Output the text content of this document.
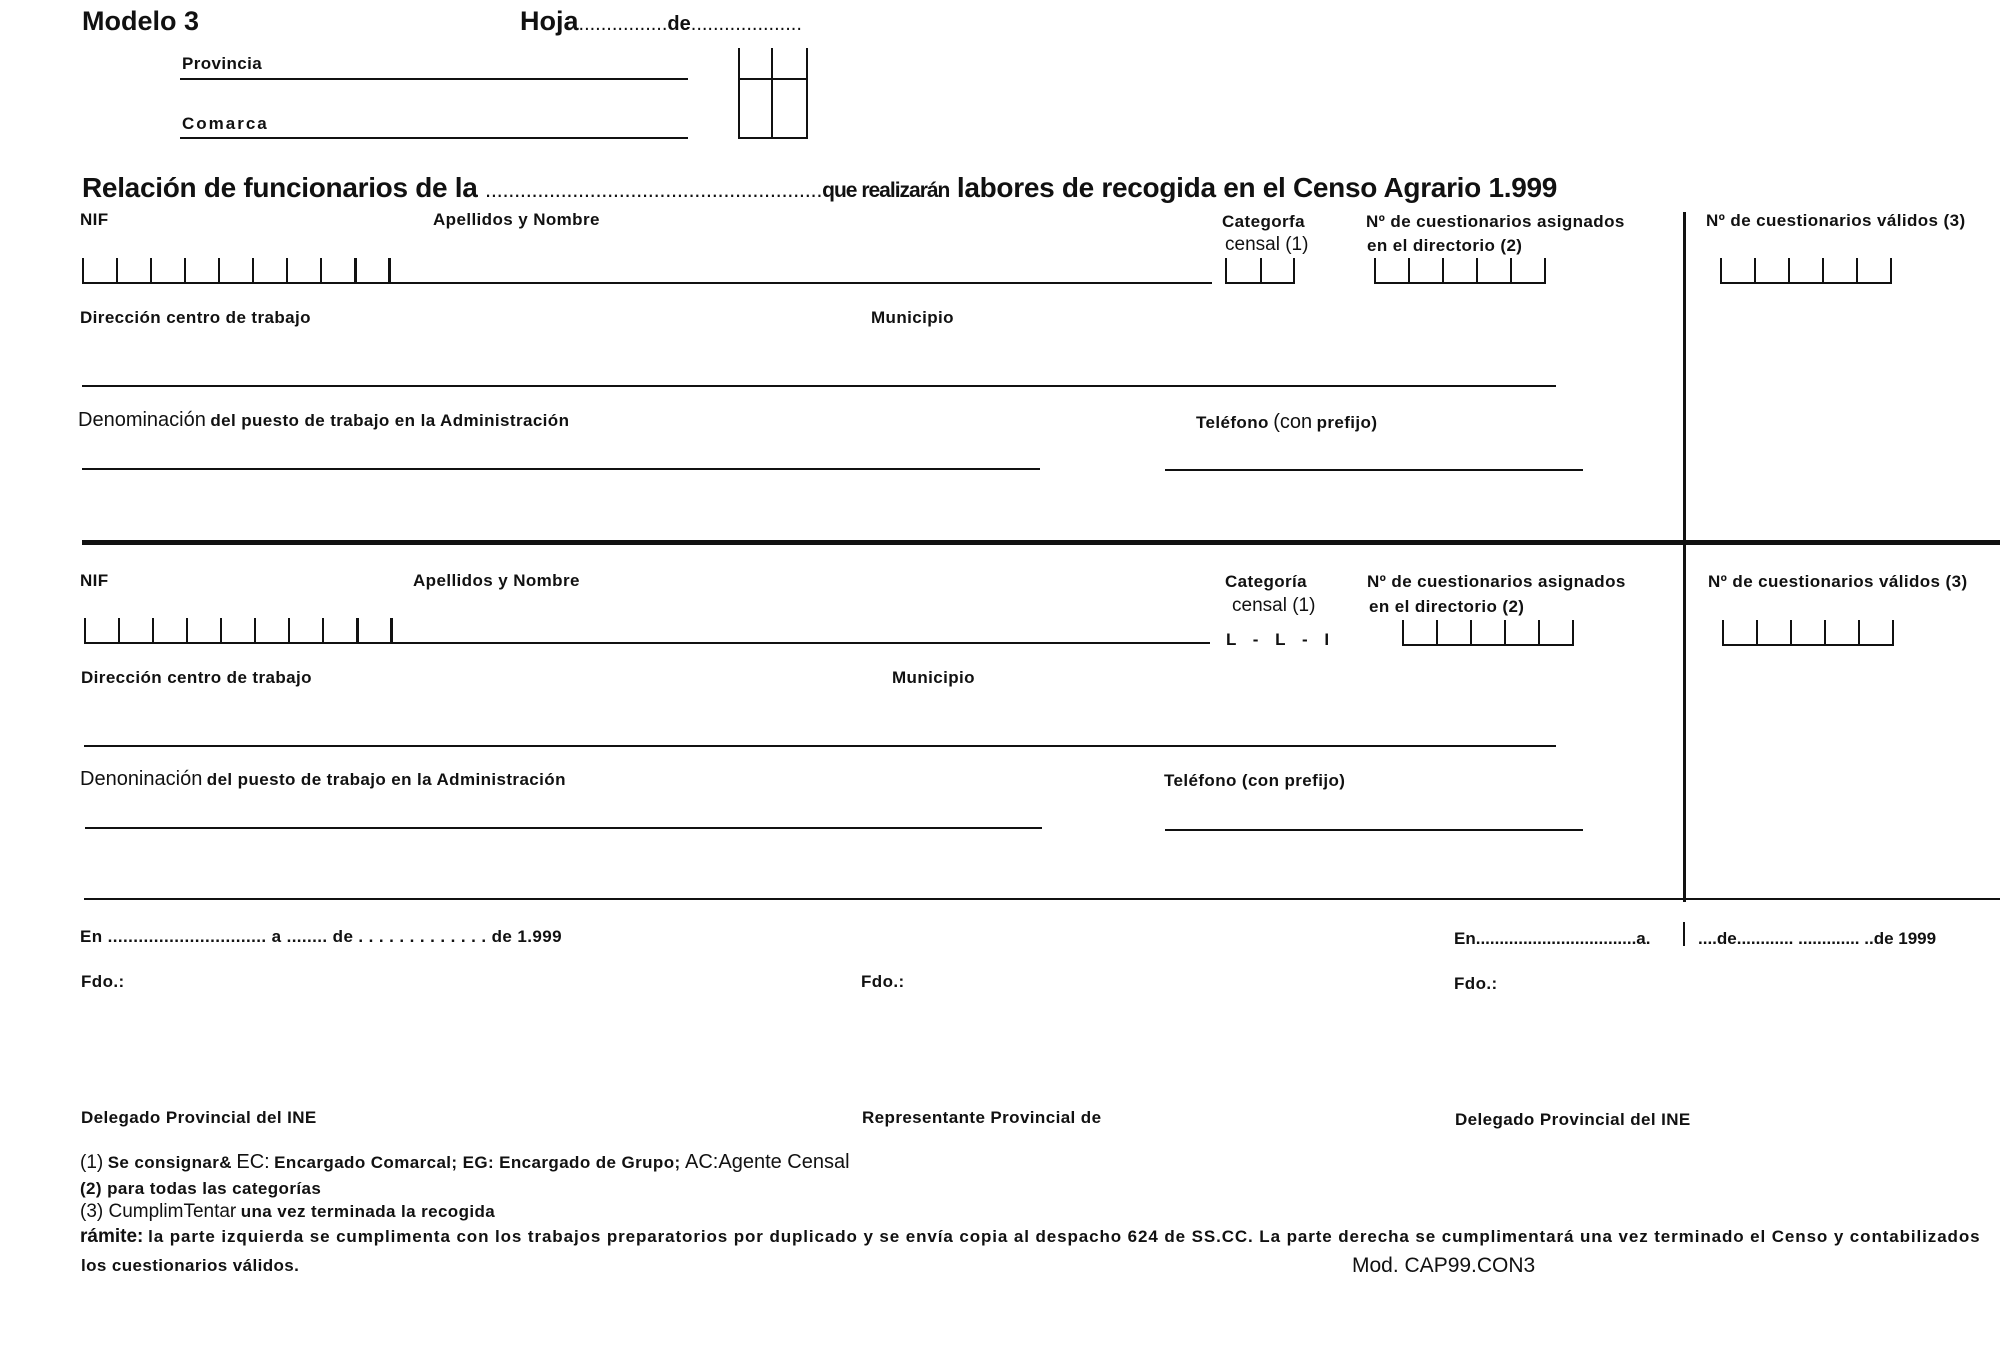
Modelo 3	Hoja................de....................
Provincia
Comarca
Relación de funcionarios de la ..........................................................que realizarán labores de recogida en el Censo Agrario 1.999
NIF	Apellidos y Nombre	Categorfa
censal (1)
Nº de cuestionarios asignados
en el directorio (2)
Nº de cuestionarios válidos (3)
Dirección centro de trabajo	Municipio
Denominación del puesto de trabajo en la Administración	Teléfono (con prefijo)
NIF	Apellidos y Nombre	Categoría
censal (1)
Nº de cuestionarios asignados
en el directorio (2)
Nº de cuestionarios válidos (3)
L - L - I
Dirección centro de trabajo	Municipio
Denoninación del puesto de trabajo en la Administración	Teléfono (con prefijo)
En ............................... a ........ de . . . . . . . . . . . . . de 1.999	En..................................a.	....de............ ............. ..de 1999
Fdo.:	Fdo.:	Fdo.:
Delegado Provincial del INE	Representante Provincial de	Delegado Provincial del INE
(1) Se consignar& EC: Encargado Comarcal; EG: Encargado de Grupo; AC:Agente Censal
(2) para todas las categorías
(3) CumplimTentar una vez terminada la recogida
rámite: la parte izquierda se cumplimenta con los trabajos preparatorios por duplicado y se envía copia al despacho 624 de SS.CC. La parte derecha se cumplimentará una vez terminado el Censo y contabilizados
los cuestionarios válidos.	Mod. CAP99.CON3
